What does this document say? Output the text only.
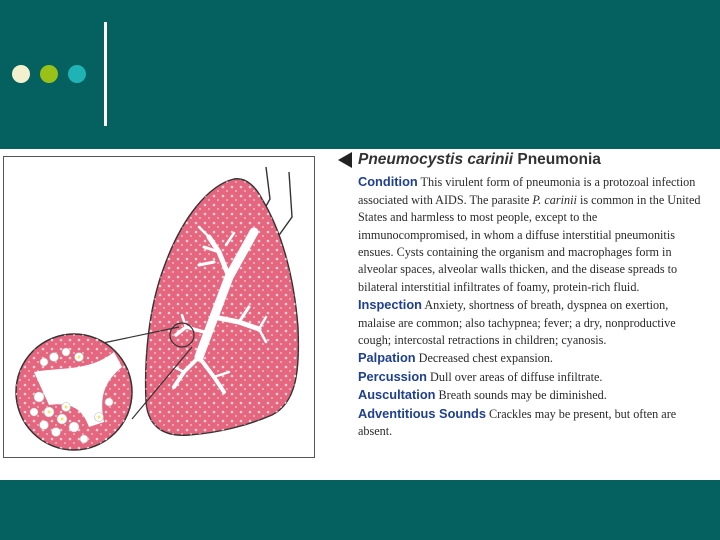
Pneumocystis carinii Pneumonia
Condition This virulent form of pneumonia is a protozoal infection associated with AIDS. The parasite P. carinii is common in the United States and harmless to most people, except to the immunocompromised, in whom a diffuse interstitial pneumonitis ensues. Cysts containing the organism and macrophages form in alveolar spaces, alveolar walls thicken, and the disease spreads to bilateral interstitial infiltrates of foamy, protein-rich fluid.
Inspection Anxiety, shortness of breath, dyspnea on exertion, malaise are common; also tachypnea; fever; a dry, nonproductive cough; intercostal retractions in children; cyanosis.
Palpation Decreased chest expansion.
Percussion Dull over areas of diffuse infiltrate.
Auscultation Breath sounds may be diminished.
Adventitious Sounds Crackles may be present, but often are absent.
